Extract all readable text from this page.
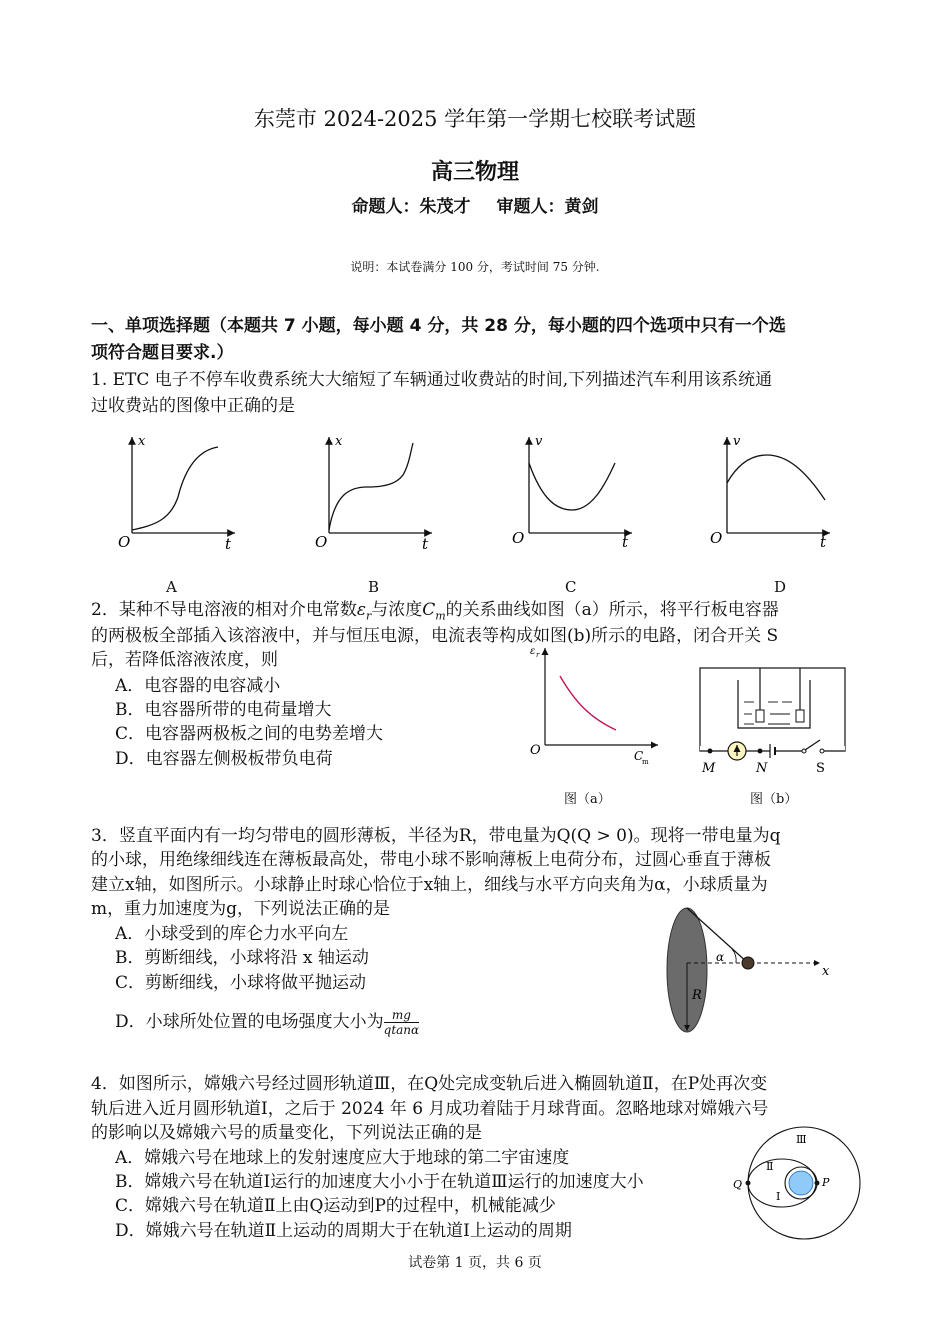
东莞市 2024-2025 学年第一学期七校联考试题
高三物理
命题人：朱茂才 审题人：黄剑
说明：本试卷满分 100 分，考试时间 75 分钟.
一、单项选择题（本题共 7 小题，每小题 4 分，共 28 分，每小题的四个选项中只有一个选
项符合题目要求.）
1. ETC 电子不停车收费系统大大缩短了车辆通过收费站的时间,下列描述汽车利用该系统通
过收费站的图像中正确的是
x
t
O
x
t
O
v
t
O
v
t
O
A	B	C	D
2．某种不导电溶液的相对介电常数$\varepsilon_r$与浓度$C_m$的关系曲线如图（a）所示，将平行板电容器
的两极板全部插入该溶液中，并与恒压电源，电流表等构成如图(b)所示的电路，闭合开关 S
后，若降低溶液浓度，则
A．电容器的电容减小
B．电容器所带的电荷量增大
C．电容器两极板之间的电势差增大
D．电容器左侧极板带负电荷
ε r
O	C
m
图（a）
M	N	S
图（b）
3．竖直平面内有一均匀带电的圆形薄板，半径为R，带电量为Q(Q > 0)。现将一带电量为q
的小球，用绝缘细线连在薄板最高处，带电小球不影响薄板上电荷分布，过圆心垂直于薄板
建立x轴，如图所示。小球静止时球心恰位于x轴上，细线与水平方向夹角为α，小球质量为
m，重力加速度为g，下列说法正确的是
A．小球受到的库仑力水平向左
B．剪断细线，小球将沿 x 轴运动
C．剪断细线，小球将做平抛运动
D．小球所处位置的电场强度大小为 $\frac{mg}{qtan\alpha}$
α
x
R
4．如图所示，嫦娥六号经过圆形轨道Ⅲ，在Q处完成变轨后进入椭圆轨道Ⅱ，在P处再次变
轨后进入近月圆形轨道Ⅰ，之后于 2024 年 6 月成功着陆于月球背面。忽略地球对嫦娥六号
的影响以及嫦娥六号的质量变化，下列说法正确的是
A．嫦娥六号在地球上的发射速度应大于地球的第二宇宙速度
B．嫦娥六号在轨道Ⅰ运行的加速度大小小于在轨道Ⅲ运行的加速度大小
C．嫦娥六号在轨道Ⅱ上由Q运动到P的过程中，机械能减少
D．嫦娥六号在轨道Ⅱ上运动的周期大于在轨道Ⅰ上运动的周期
Ⅲ
Ⅱ
Ⅰ
Q	P
试卷第 1 页，共 6 页
